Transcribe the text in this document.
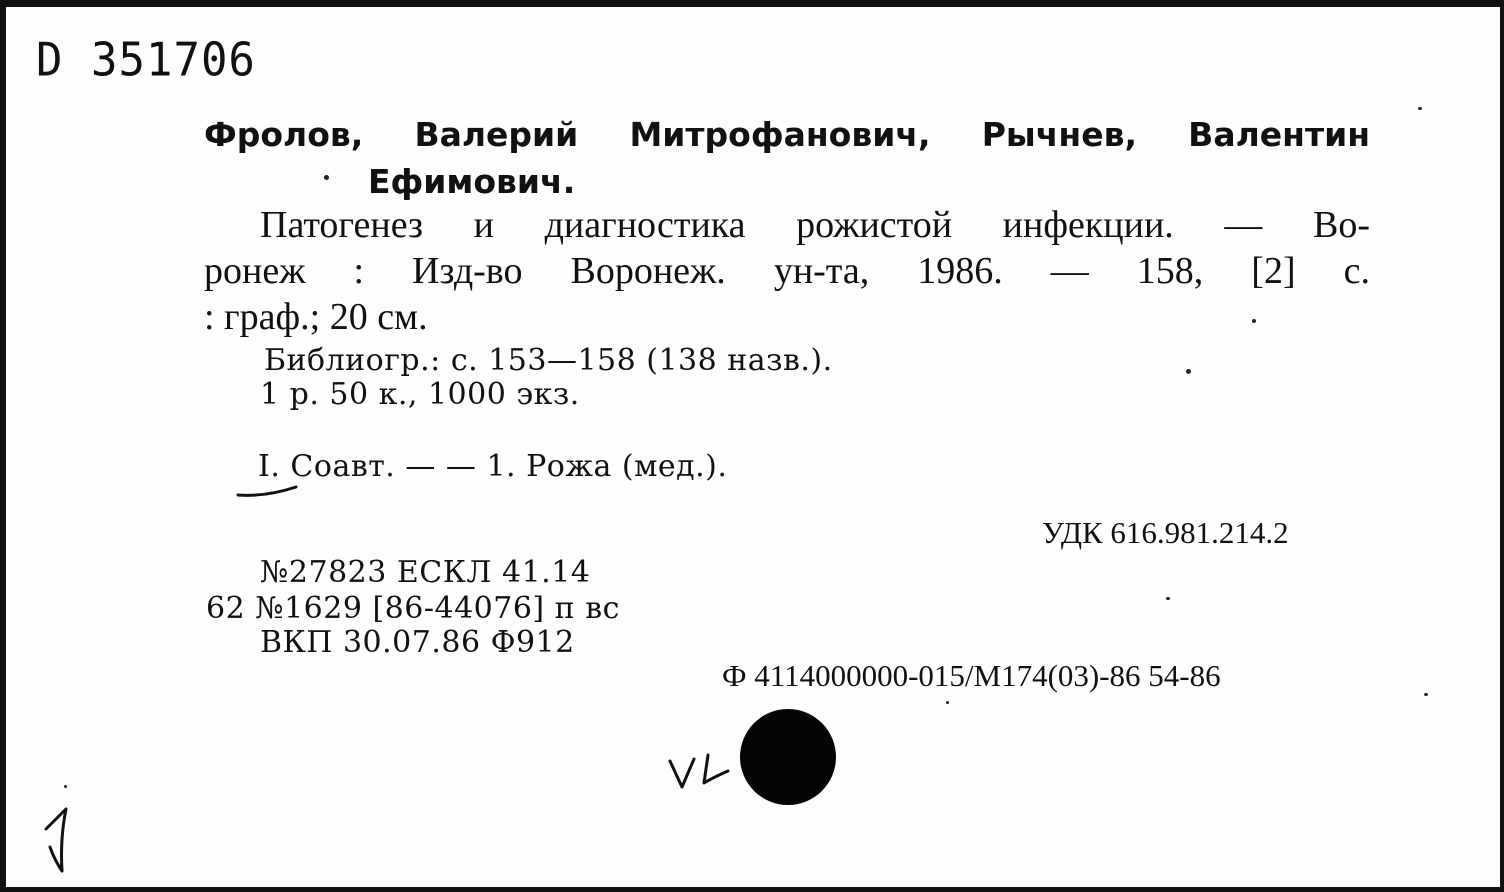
D 351706
Фролов, Валерий Митрофанович, Рычнев, Валентин
Ефимович.
Патогенез и диагностика рожистой инфекции. — Во-
ронеж : Изд-во Воронеж. ун-та, 1986. — 158, [2] с.
: граф.; 20 см.
Библиогр.: с. 153—158 (138 назв.).
1 р. 50 к., 1000 экз.
I. Соавт. — — 1. Рожа (мед.).
УДК 616.981.214.2
№27823 ЕСКЛ 41.14
62 №1629 [86-44076] п вс
ВКП 30.07.86 Ф912
Ф 4114000000-015/М174(03)-86 54-86
